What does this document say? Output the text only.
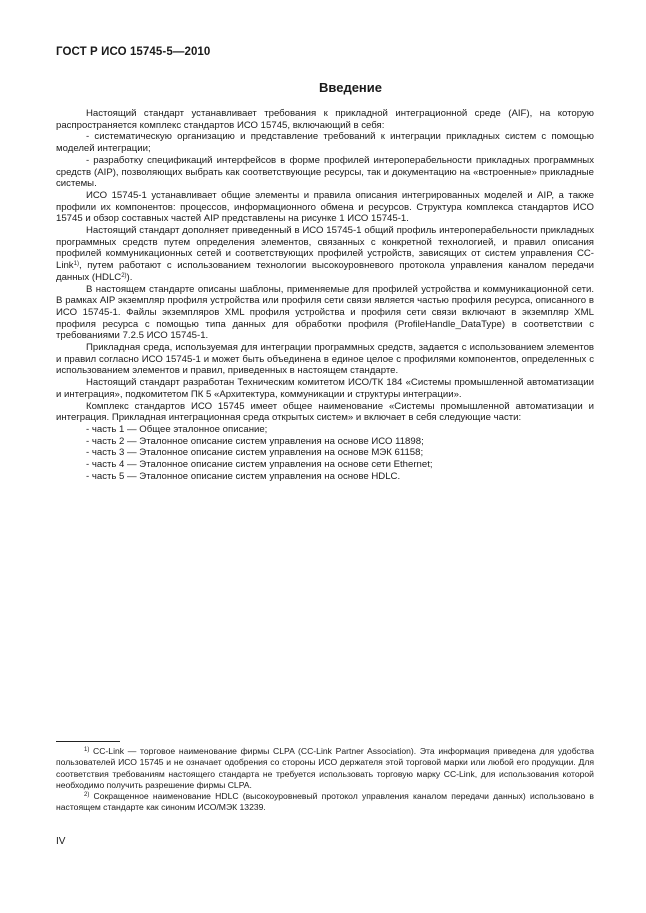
ГОСТ Р ИСО 15745-5—2010
Введение

Настоящий стандарт устанавливает требования к прикладной интеграционной среде (AIF), на которую распространяется комплекс стандартов ИСО 15745, включающий в себя:

- систематическую организацию и представление требований к интеграции прикладных систем с помощью моделей интеграции;

- разработку спецификаций интерфейсов в форме профилей интероперабельности прикладных программных средств (AIP), позволяющих выбрать как соответствующие ресурсы, так и документацию на «встроенные» прикладные системы.

ИСО 15745-1 устанавливает общие элементы и правила описания интегрированных моделей и AIP, а также профили их компонентов: процессов, информационного обмена и ресурсов. Структура комплекса стандартов ИСО 15745 и обзор составных частей AIP представлены на рисунке 1 ИСО 15745-1.

Настоящий стандарт дополняет приведенный в ИСО 15745-1 общий профиль интероперабельности прикладных программных средств путем определения элементов, связанных с конкретной технологией, и правил описания профилей коммуникационных сетей и соответствующих профилей устройств, зависящих от систем управления CC-Link$^{1)}$, путем работают с использованием технологии высокоуровневого протокола управления каналом передачи данных (HDLC$^{2)}$).

В настоящем стандарте описаны шаблоны, применяемые для профилей устройства и коммуникационной сети. В рамках AIP экземпляр профиля устройства или профиля сети связи является частью профиля ресурса, описанного в ИСО 15745-1. Файлы экземпляров XML профиля устройства и профиля сети связи включают в экземпляр XML профиля ресурса с помощью типа данных для обработки профиля (ProfileHandle_DataType) в соответствии с требованиями 7.2.5 ИСО 15745-1.

Прикладная среда, используемая для интеграции программных средств, задается с использованием элементов и правил согласно ИСО 15745-1 и может быть объединена в единое целое с профилями компонентов, определенных с использованием элементов и правил, приведенных в настоящем стандарте.

Настоящий стандарт разработан Техническим комитетом ИСО/ТК 184 «Системы промышленной автоматизации и интеграция», подкомитетом ПК 5 «Архитектура, коммуникации и структуры интеграции».

Комплекс стандартов ИСО 15745 имеет общее наименование «Системы промышленной автоматизации и интеграция. Прикладная интеграционная среда открытых систем» и включает в себя следующие части:

- часть 1 — Общее эталонное описание;

- часть 2 — Эталонное описание систем управления на основе ИСО 11898;

- часть 3 — Эталонное описание систем управления на основе МЭК 61158;

- часть 4 — Эталонное описание систем управления на основе сети Ethernet;

- часть 5 — Эталонное описание систем управления на основе HDLC.

$^{1)}$ CC-Link — торговое наименование фирмы CLPA (CC-Link Partner Association). Эта информация приведена для удобства пользователей ИСО 15745 и не означает одобрения со стороны ИСО держателя этой торговой марки или любой его продукции. Для соответствия требованиям настоящего стандарта не требуется использовать торговую марку CC-Link, для использования которой необходимо получить разрешение фирмы CLPA.

$^{2)}$ Сокращенное наименование HDLC (высокоуровневый протокол управления каналом передачи данных) использовано в настоящем стандарте как синоним ИСО/МЭК 13239.

IV
